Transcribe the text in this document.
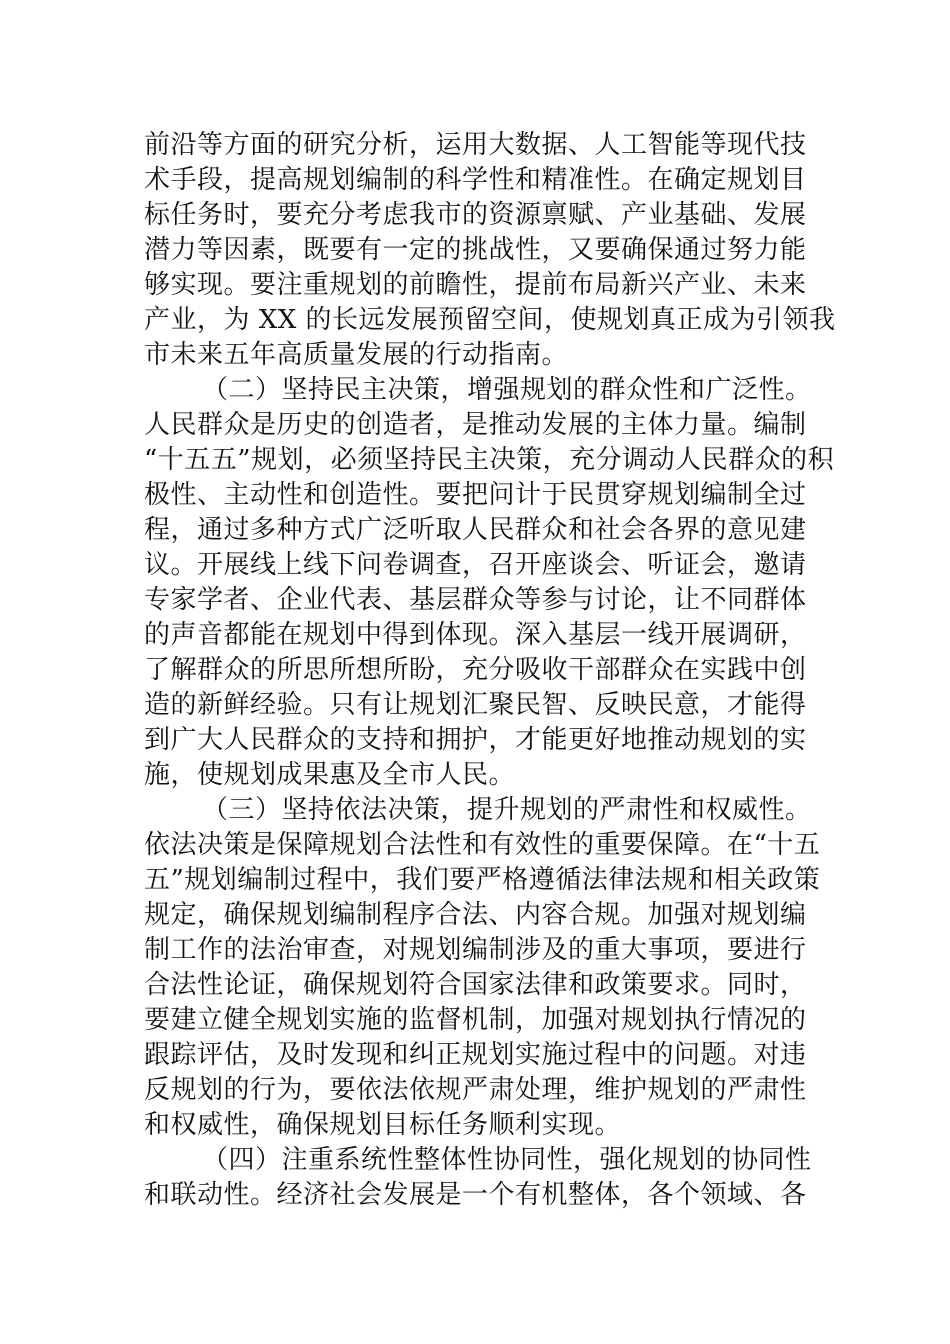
前沿等方面的研究分析，运用大数据、人工智能等现代技
术手段，提高规划编制的科学性和精准性。在确定规划目
标任务时，要充分考虑我市的资源禀赋、产业基础、发展
潜力等因素，既要有一定的挑战性，又要确保通过努力能
够实现。要注重规划的前瞻性，提前布局新兴产业、未来
产业，为 XX 的长远发展预留空间，使规划真正成为引领我
市未来五年高质量发展的行动指南。
（二）坚持民主决策，增强规划的群众性和广泛性。
人民群众是历史的创造者，是推动发展的主体力量。编制
“十五五”规划，必须坚持民主决策，充分调动人民群众的积
极性、主动性和创造性。要把问计于民贯穿规划编制全过
程，通过多种方式广泛听取人民群众和社会各界的意见建
议。开展线上线下问卷调查，召开座谈会、听证会，邀请
专家学者、企业代表、基层群众等参与讨论，让不同群体
的声音都能在规划中得到体现。深入基层一线开展调研，
了解群众的所思所想所盼，充分吸收干部群众在实践中创
造的新鲜经验。只有让规划汇聚民智、反映民意，才能得
到广大人民群众的支持和拥护，才能更好地推动规划的实
施，使规划成果惠及全市人民。
（三）坚持依法决策，提升规划的严肃性和权威性。
依法决策是保障规划合法性和有效性的重要保障。在“十五
五”规划编制过程中，我们要严格遵循法律法规和相关政策
规定，确保规划编制程序合法、内容合规。加强对规划编
制工作的法治审查，对规划编制涉及的重大事项，要进行
合法性论证，确保规划符合国家法律和政策要求。同时，
要建立健全规划实施的监督机制，加强对规划执行情况的
跟踪评估，及时发现和纠正规划实施过程中的问题。对违
反规划的行为，要依法依规严肃处理，维护规划的严肃性
和权威性，确保规划目标任务顺利实现。
（四）注重系统性整体性协同性，强化规划的协同性
和联动性。经济社会发展是一个有机整体，各个领域、各
